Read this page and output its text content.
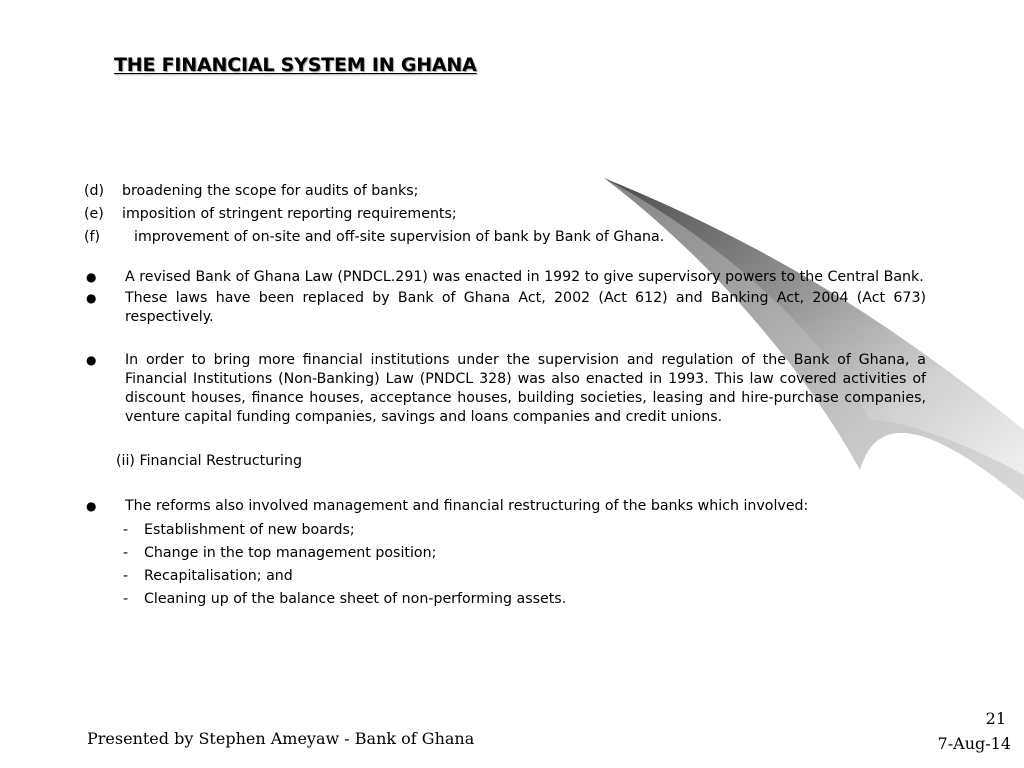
THE FINANCIAL SYSTEM IN GHANA
(d)	broadening the scope for audits of banks;
(e)	imposition of stringent reporting requirements;
(f)	improvement of on-site and off-site supervision of bank by Bank of Ghana.
●	A revised Bank of Ghana Law (PNDCL.291) was enacted in 1992 to give supervisory powers to the Central Bank.
●	These laws have been replaced by Bank of Ghana Act, 2002 (Act 612) and Banking Act, 2004 (Act 673) respectively.
●	In order to bring more financial institutions under the supervision and regulation of the Bank of Ghana, a Financial Institutions (Non-Banking) Law (PNDCL 328) was also enacted in 1993. This law covered activities of discount houses, finance houses, acceptance houses, building societies, leasing and hire-purchase companies, venture capital funding companies, savings and loans companies and credit unions.
(ii) Financial Restructuring
●	The reforms also involved management and financial restructuring of the banks which involved:
-	Establishment of new boards;
-	Change in the top management position;
-	Recapitalisation; and
-	Cleaning up of the balance sheet of non-performing assets.
Presented by Stephen Ameyaw - Bank of Ghana
21
7-Aug-14
